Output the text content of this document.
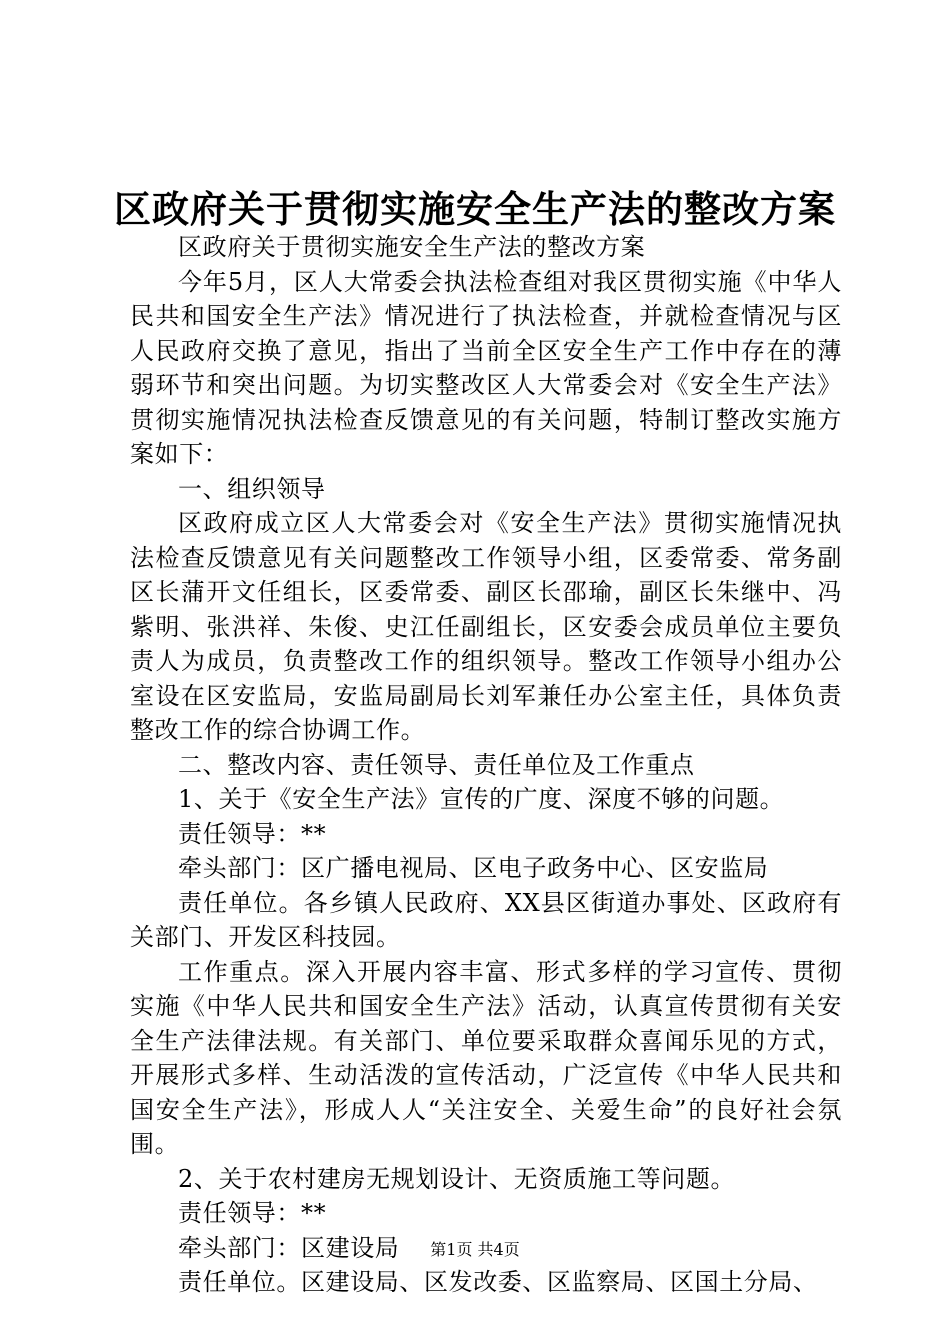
区政府关于贯彻实施安全生产法的整改方案

区政府关于贯彻实施安全生产法的整改方案

今年5月，区人大常委会执法检查组对我区贯彻实施《中华人民共和国安全生产法》情况进行了执法检查，并就检查情况与区人民政府交换了意见，指出了当前全区安全生产工作中存在的薄弱环节和突出问题。为切实整改区人大常委会对《安全生产法》贯彻实施情况执法检查反馈意见的有关问题，特制订整改实施方案如下：

一、组织领导

区政府成立区人大常委会对《安全生产法》贯彻实施情况执法检查反馈意见有关问题整改工作领导小组，区委常委、常务副区长蒲开文任组长，区委常委、副区长邵瑜，副区长朱继中、冯紫明、张洪祥、朱俊、史江任副组长，区安委会成员单位主要负责人为成员，负责整改工作的组织领导。整改工作领导小组办公室设在区安监局，安监局副局长刘军兼任办公室主任，具体负责整改工作的综合协调工作。

二、整改内容、责任领导、责任单位及工作重点

1、关于《安全生产法》宣传的广度、深度不够的问题。

责任领导：**

牵头部门：区广播电视局、区电子政务中心、区安监局

责任单位。各乡镇人民政府、XX县区街道办事处、区政府有关部门、开发区科技园。

工作重点。深入开展内容丰富、形式多样的学习宣传、贯彻实施《中华人民共和国安全生产法》活动，认真宣传贯彻有关安全生产法律法规。有关部门、单位要采取群众喜闻乐见的方式，开展形式多样、生动活泼的宣传活动，广泛宣传《中华人民共和国安全生产法》，形成人人“关注安全、关爱生命”的良好社会氛围。

2、关于农村建房无规划设计、无资质施工等问题。

责任领导：**

牵头部门：区建设局

责任单位。区建设局、区发改委、区监察局、区国土分局、

第1页 共4页
